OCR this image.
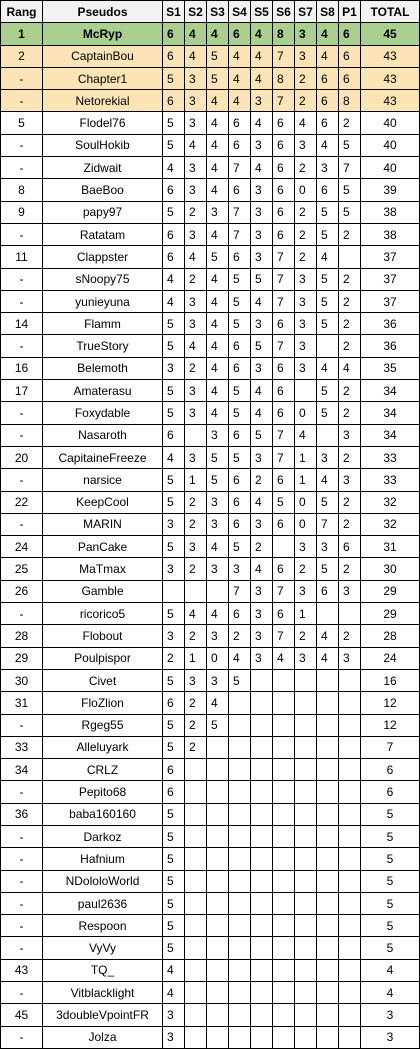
Rang	Pseudos	S1	S2	S3	S4	S5	S6	S7	S8	P1	TOTAL
1	McRyp	6	4	4	6	4	8	3	4	6	45
2	CaptainBou	6	4	5	4	4	7	3	4	6	43
-	Chapter1	5	3	5	4	4	8	2	6	6	43
-	Netorekial	6	3	4	4	3	7	2	6	8	43
5	Flodel76	5	3	4	6	4	6	4	6	2	40
-	SoulHokib	5	4	4	6	3	6	3	4	5	40
-	Zidwait	4	3	4	7	4	6	2	3	7	40
8	BaeBoo	6	3	4	6	3	6	0	6	5	39
9	papy97	5	2	3	7	3	6	2	5	5	38
-	Ratatam	6	3	4	7	3	6	2	5	2	38
11	Clappster	6	4	5	6	3	7	2	4		37
-	sNoopy75	4	2	4	5	5	7	3	5	2	37
-	yunieyuna	4	3	4	5	4	7	3	5	2	37
14	Flamm	5	3	4	5	3	6	3	5	2	36
-	TrueStory	5	4	4	6	5	7	3		2	36
16	Belemoth	3	2	4	6	3	6	3	4	4	35
17	Amaterasu	5	3	4	5	4	6		5	2	34
-	Foxydable	5	3	4	5	4	6	0	5	2	34
-	Nasaroth	6		3	6	5	7	4		3	34
20	CapitaineFreeze	4	3	5	5	3	7	1	3	2	33
-	narsice	5	1	5	6	2	6	1	4	3	33
22	KeepCool	5	2	3	6	4	5	0	5	2	32
-	MARIN	3	2	3	6	3	6	0	7	2	32
24	PanCake	5	3	4	5	2		3	3	6	31
25	MaTmax	3	2	3	3	4	6	2	5	2	30
26	Gamble				7	3	7	3	6	3	29
-	ricorico5	5	4	4	6	3	6	1			29
28	Flobout	3	2	3	2	3	7	2	4	2	28
29	Poulpispor	2	1	0	4	3	4	3	4	3	24
30	Civet	5	3	3	5						16
31	FloZlion	6	2	4							12
-	Rgeg55	5	2	5							12
33	Alleluyark	5	2								7
34	CRLZ	6									6
-	Pepito68	6									6
36	baba160160	5									5
-	Darkoz	5									5
-	Hafnium	5									5
-	NDololoWorld	5									5
-	paul2636	5									5
-	Respoon	5									5
-	VyVy	5									5
43	TQ_	4									4
-	Vitblacklight	4									4
45	3doubleVpointFR	3									3
-	Jolza	3									3
